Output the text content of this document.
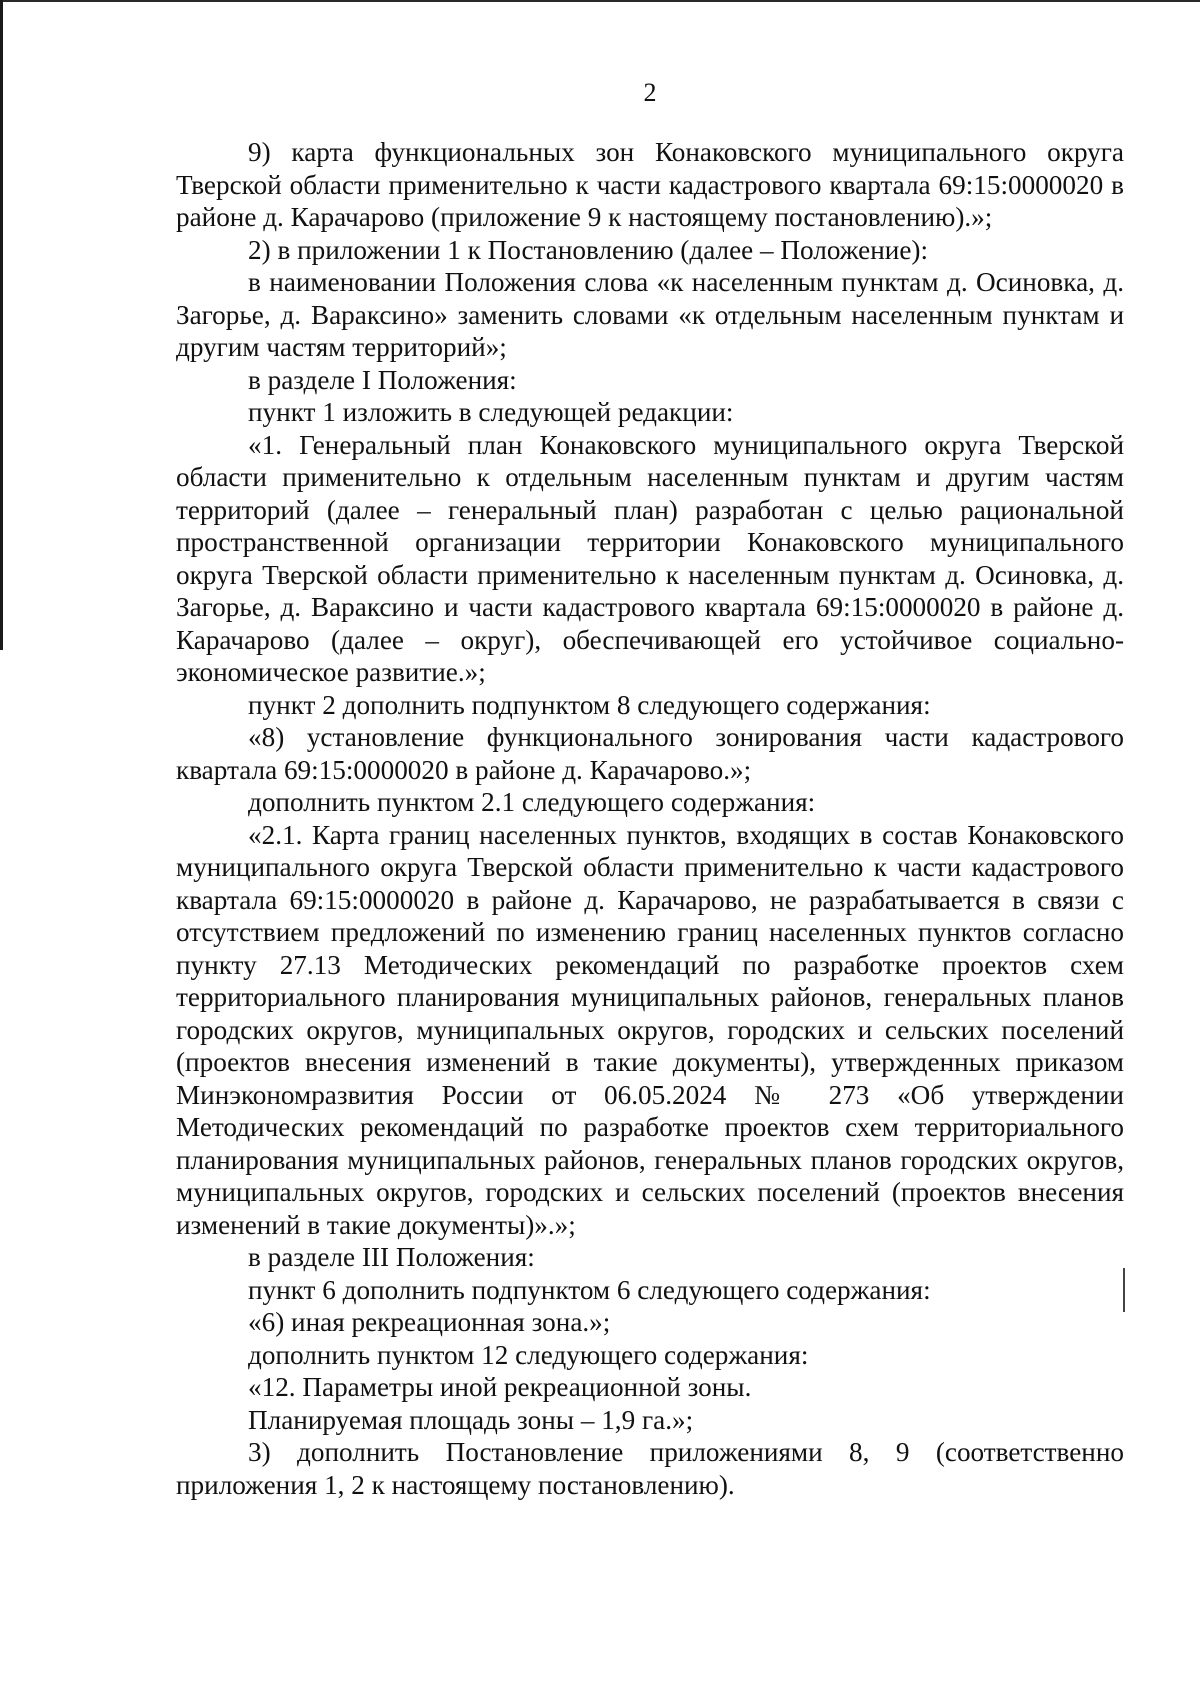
2

9) карта функциональных зон Конаковского муниципального округа Тверской области применительно к части кадастрового квартала 69:15:0000020 в районе д. Карачарово (приложение 9 к настоящему постановлению).»;

2) в приложении 1 к Постановлению (далее – Положение):

в наименовании Положения слова «к населенным пунктам д. Осиновка, д. Загорье, д. Вараксино» заменить словами «к отдельным населенным пунктам и другим частям территорий»;

в разделе I Положения:

пункт 1 изложить в следующей редакции:

«1. Генеральный план Конаковского муниципального округа Тверской области применительно к отдельным населенным пунктам и другим частям территорий (далее – генеральный план) разработан с целью рациональной пространственной организации территории Конаковского муниципального округа Тверской области применительно к населенным пунктам д. Осиновка, д. Загорье, д. Вараксино и части кадастрового квартала 69:15:0000020 в районе д. Карачарово (далее – округ), обеспечивающей его устойчивое социально-экономическое развитие.»;

пункт 2 дополнить подпунктом 8 следующего содержания:

«8) установление функционального зонирования части кадастрового квартала 69:15:0000020 в районе д. Карачарово.»;

дополнить пунктом 2.1 следующего содержания:

«2.1. Карта границ населенных пунктов, входящих в состав Конаковского муниципального округа Тверской области применительно к части кадастрового квартала 69:15:0000020 в районе д. Карачарово, не разрабатывается в связи с отсутствием предложений по изменению границ населенных пунктов согласно пункту 27.13 Методических рекомендаций по разработке проектов схем территориального планирования муниципальных районов, генеральных планов городских округов, муниципальных округов, городских и сельских поселений (проектов внесения изменений в такие документы), утвержденных приказом Минэкономразвития России от 06.05.2024 № 273 «Об утверждении Методических рекомендаций по разработке проектов схем территориального планирования муниципальных районов, генеральных планов городских округов, муниципальных округов, городских и сельских поселений (проектов внесения изменений в такие документы)».»;

в разделе III Положения:

пункт 6 дополнить подпунктом 6 следующего содержания:

«6) иная рекреационная зона.»;

дополнить пунктом 12 следующего содержания:

«12. Параметры иной рекреационной зоны.

Планируемая площадь зоны – 1,9 га.»;

3) дополнить Постановление приложениями 8, 9 (соответственно приложения 1, 2 к настоящему постановлению).
